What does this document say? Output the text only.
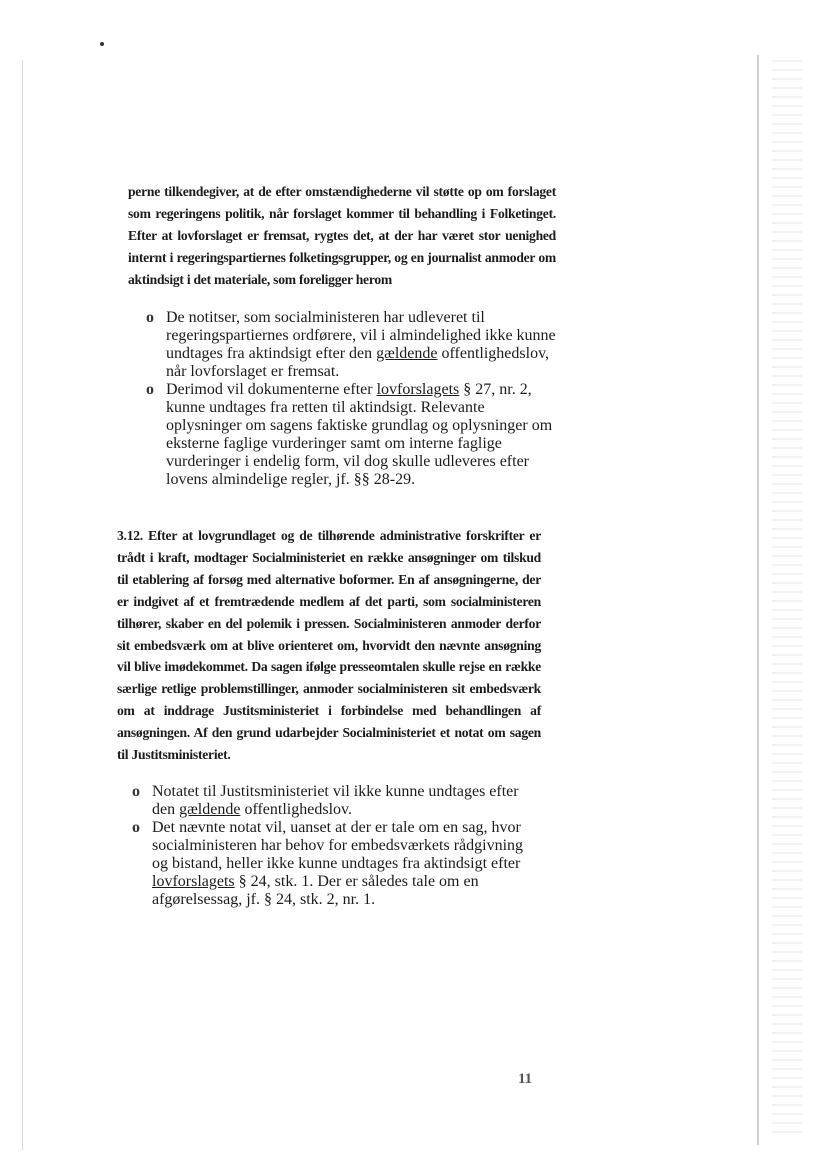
perne tilkendegiver, at de efter omstændighederne vil støtte op om forslaget som regeringens politik, når forslaget kommer til behandling i Folketinget. Efter at lovforslaget er fremsat, rygtes det, at der har været stor uenighed internt i regeringspartiernes folketingsgrupper, og en journalist anmoder om aktindsigt i det materiale, som foreligger herom

o De notitser, som socialministeren har udleveret til regeringspartiernes ordførere, vil i almindelighed ikke kunne undtages fra aktindsigt efter den gældende offentlighedslov, når lovforslaget er fremsat.
o Derimod vil dokumenterne efter lovforslagets § 27, nr. 2, kunne undtages fra retten til aktindsigt. Relevante oplysninger om sagens faktiske grundlag og oplysninger om eksterne faglige vurderinger samt om interne faglige vurderinger i endelig form, vil dog skulle udleveres efter lovens almindelige regler, jf. §§ 28-29.

3.12. Efter at lovgrundlaget og de tilhørende administrative forskrifter er trådt i kraft, modtager Socialministeriet en række ansøgninger om tilskud til etablering af forsøg med alternative boformer. En af ansøgningerne, der er indgivet af et fremtrædende medlem af det parti, som socialministeren tilhører, skaber en del polemik i pressen. Socialministeren anmoder derfor sit embedsværk om at blive orienteret om, hvorvidt den nævnte ansøgning vil blive imødekommet. Da sagen ifølge presseomtalen skulle rejse en række særlige retlige problemstillinger, anmoder socialministeren sit embedsværk om at inddrage Justitsministeriet i forbindelse med behandlingen af ansøgningen. Af den grund udarbejder Socialministeriet et notat om sagen til Justitsministeriet.

o Notatet til Justitsministeriet vil ikke kunne undtages efter den gældende offentlighedslov.
o Det nævnte notat vil, uanset at der er tale om en sag, hvor socialministeren har behov for embedsværkets rådgivning og bistand, heller ikke kunne undtages fra aktindsigt efter lovforslagets § 24, stk. 1. Der er således tale om en afgørelsessag, jf. § 24, stk. 2, nr. 1.
11
